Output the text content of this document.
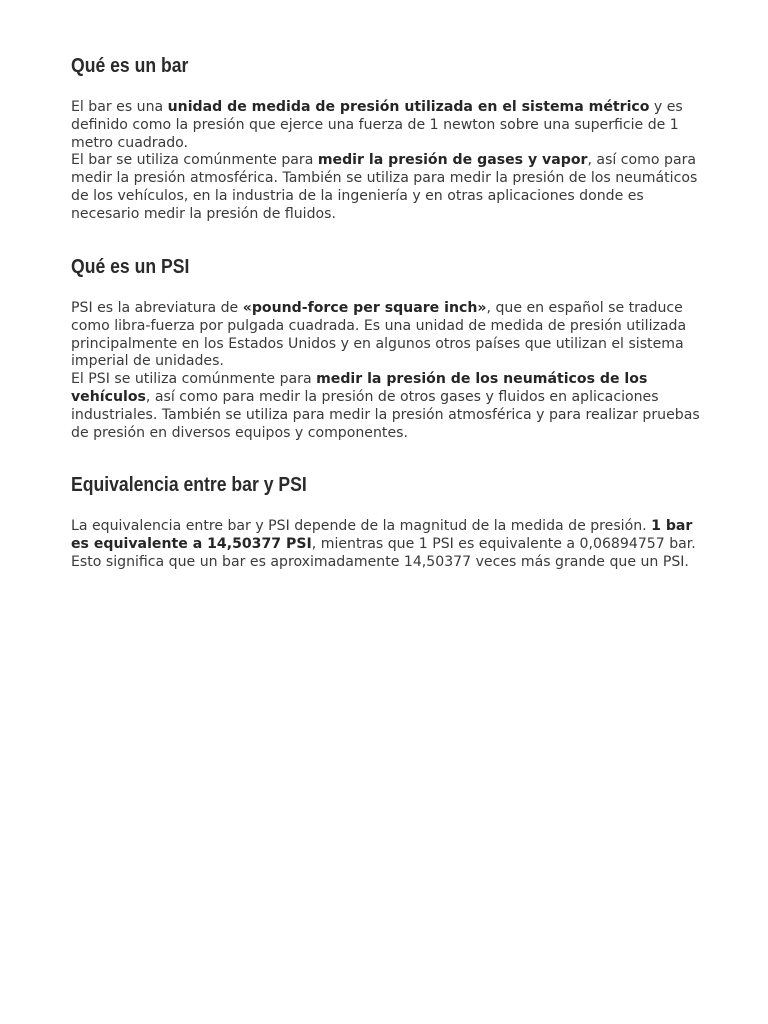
Qué es un bar

El bar es una unidad de medida de presión utilizada en el sistema métrico y es definido como la presión que ejerce una fuerza de 1 newton sobre una superficie de 1 metro cuadrado.

El bar se utiliza comúnmente para medir la presión de gases y vapor, así como para medir la presión atmosférica. También se utiliza para medir la presión de los neumáticos de los vehículos, en la industria de la ingeniería y en otras aplicaciones donde es necesario medir la presión de fluidos.

Qué es un PSI

PSI es la abreviatura de «pound-force per square inch», que en español se traduce como libra-fuerza por pulgada cuadrada. Es una unidad de medida de presión utilizada principalmente en los Estados Unidos y en algunos otros países que utilizan el sistema imperial de unidades.

El PSI se utiliza comúnmente para medir la presión de los neumáticos de los vehículos, así como para medir la presión de otros gases y fluidos en aplicaciones industriales. También se utiliza para medir la presión atmosférica y para realizar pruebas de presión en diversos equipos y componentes.

Equivalencia entre bar y PSI

La equivalencia entre bar y PSI depende de la magnitud de la medida de presión. 1 bar es equivalente a 14,50377 PSI, mientras que 1 PSI es equivalente a 0,06894757 bar. Esto significa que un bar es aproximadamente 14,50377 veces más grande que un PSI.
